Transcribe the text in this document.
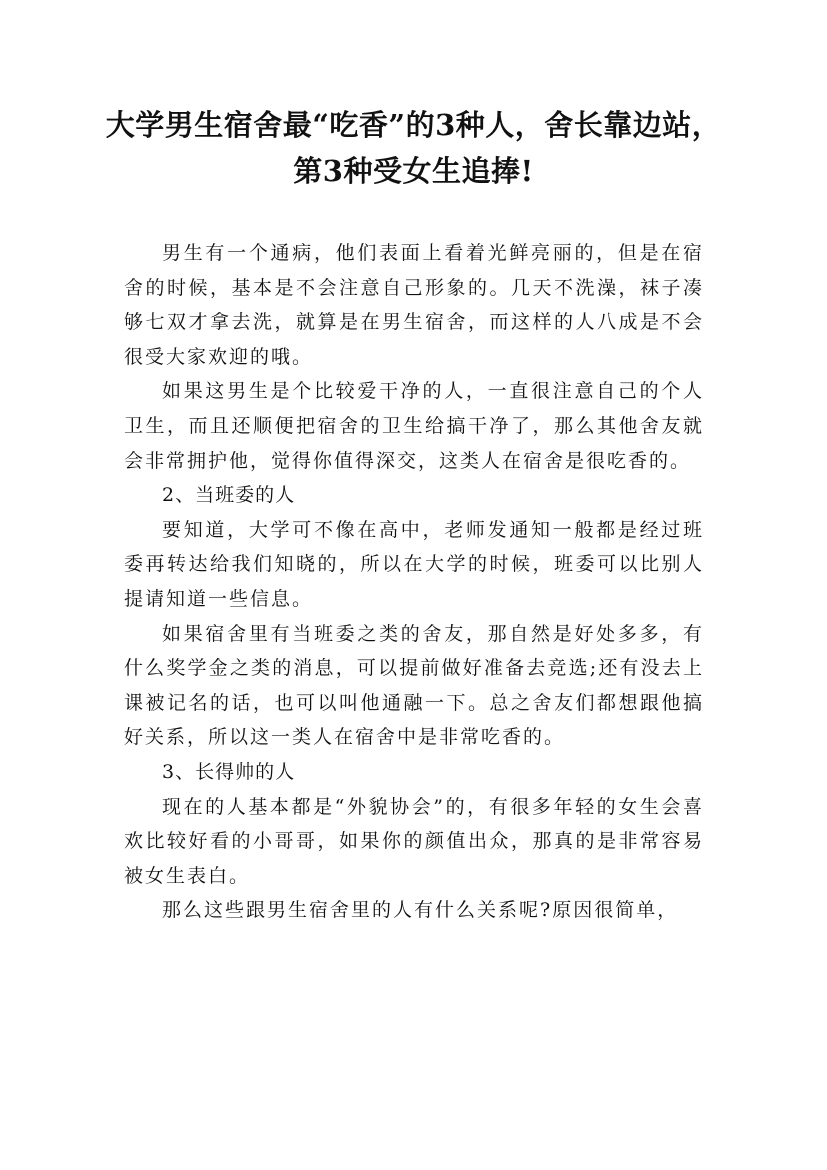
大学男生宿舍最“吃香”的3种人，舍长靠边站，第3种受女生追捧!

男生有一个通病，他们表面上看着光鲜亮丽的，但是在宿舍的时候，基本是不会注意自己形象的。几天不洗澡，袜子凑够七双才拿去洗，就算是在男生宿舍，而这样的人八成是不会很受大家欢迎的哦。

如果这男生是个比较爱干净的人，一直很注意自己的个人卫生，而且还顺便把宿舍的卫生给搞干净了，那么其他舍友就会非常拥护他，觉得你值得深交，这类人在宿舍是很吃香的。

2、当班委的人

要知道，大学可不像在高中，老师发通知一般都是经过班委再转达给我们知晓的，所以在大学的时候，班委可以比别人提请知道一些信息。

如果宿舍里有当班委之类的舍友，那自然是好处多多，有什么奖学金之类的消息，可以提前做好准备去竞选;还有没去上课被记名的话，也可以叫他通融一下。总之舍友们都想跟他搞好关系，所以这一类人在宿舍中是非常吃香的。

3、长得帅的人

现在的人基本都是“外貌协会”的，有很多年轻的女生会喜欢比较好看的小哥哥，如果你的颜值出众，那真的是非常容易被女生表白。

那么这些跟男生宿舍里的人有什么关系呢?原因很简单，
